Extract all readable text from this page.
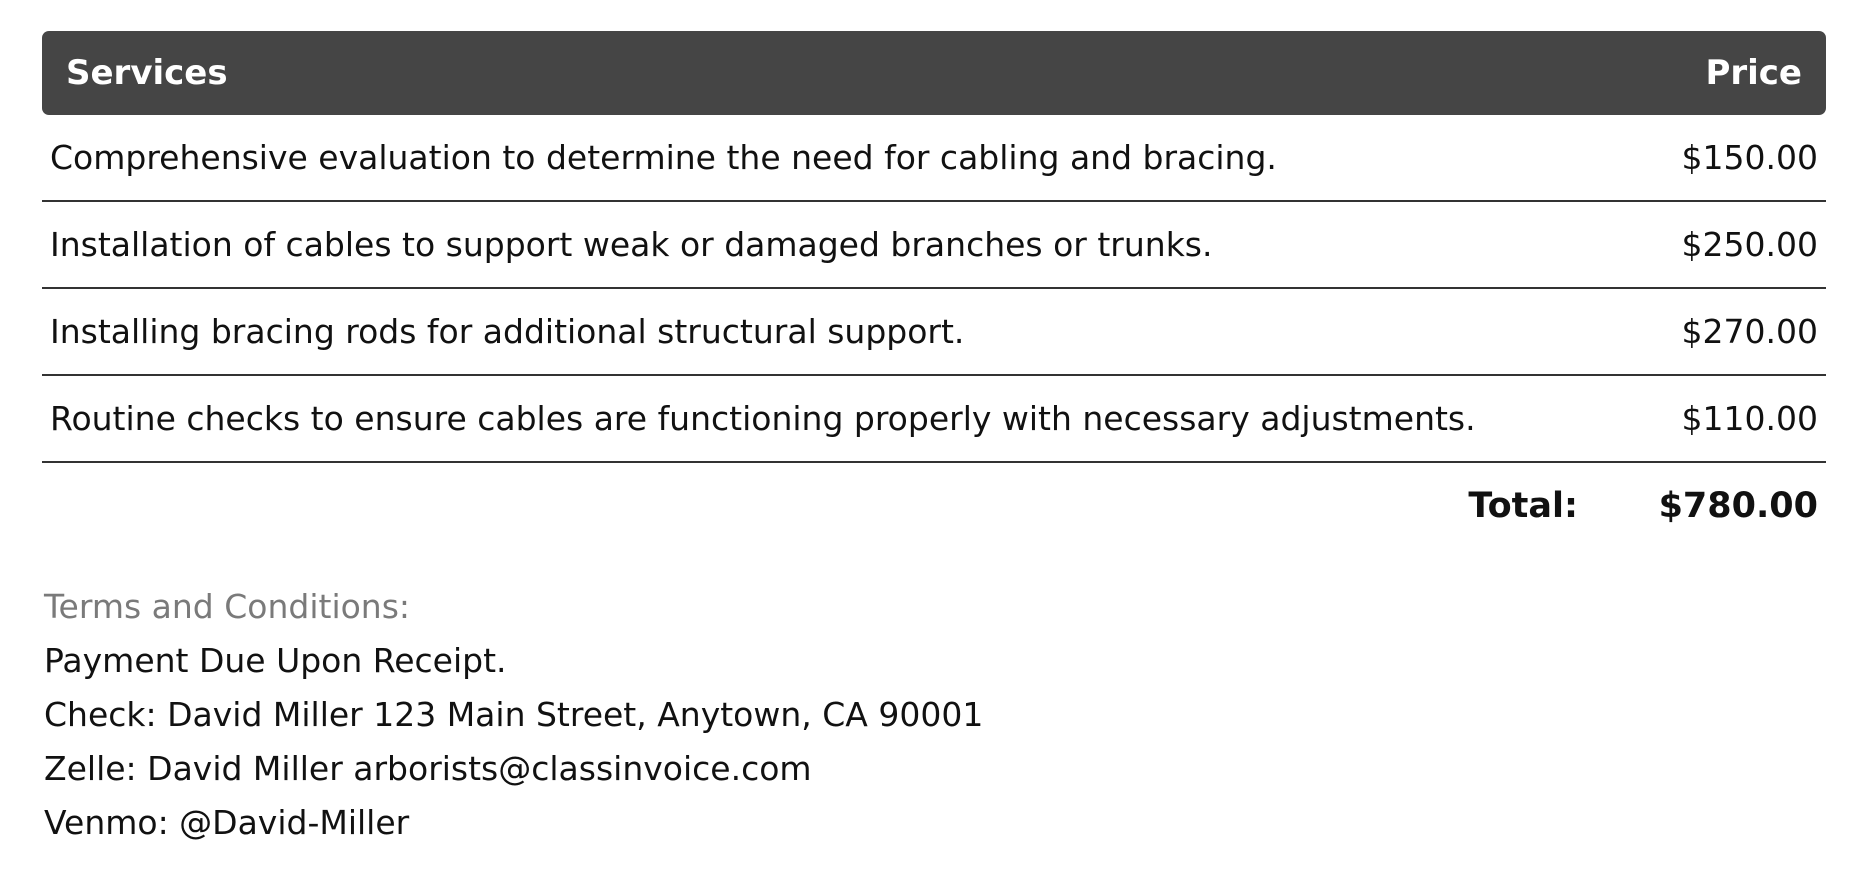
Services	Price
Comprehensive evaluation to determine the need for cabling and bracing.	$150.00
Installation of cables to support weak or damaged branches or trunks.	$250.00
Installing bracing rods for additional structural support.	$270.00
Routine checks to ensure cables are functioning properly with necessary adjustments.	$110.00
Total:	$780.00
Terms and Conditions:
Payment Due Upon Receipt.
Check: David Miller 123 Main Street, Anytown, CA 90001
Zelle: David Miller arborists@classinvoice.com
Venmo: @David-Miller
